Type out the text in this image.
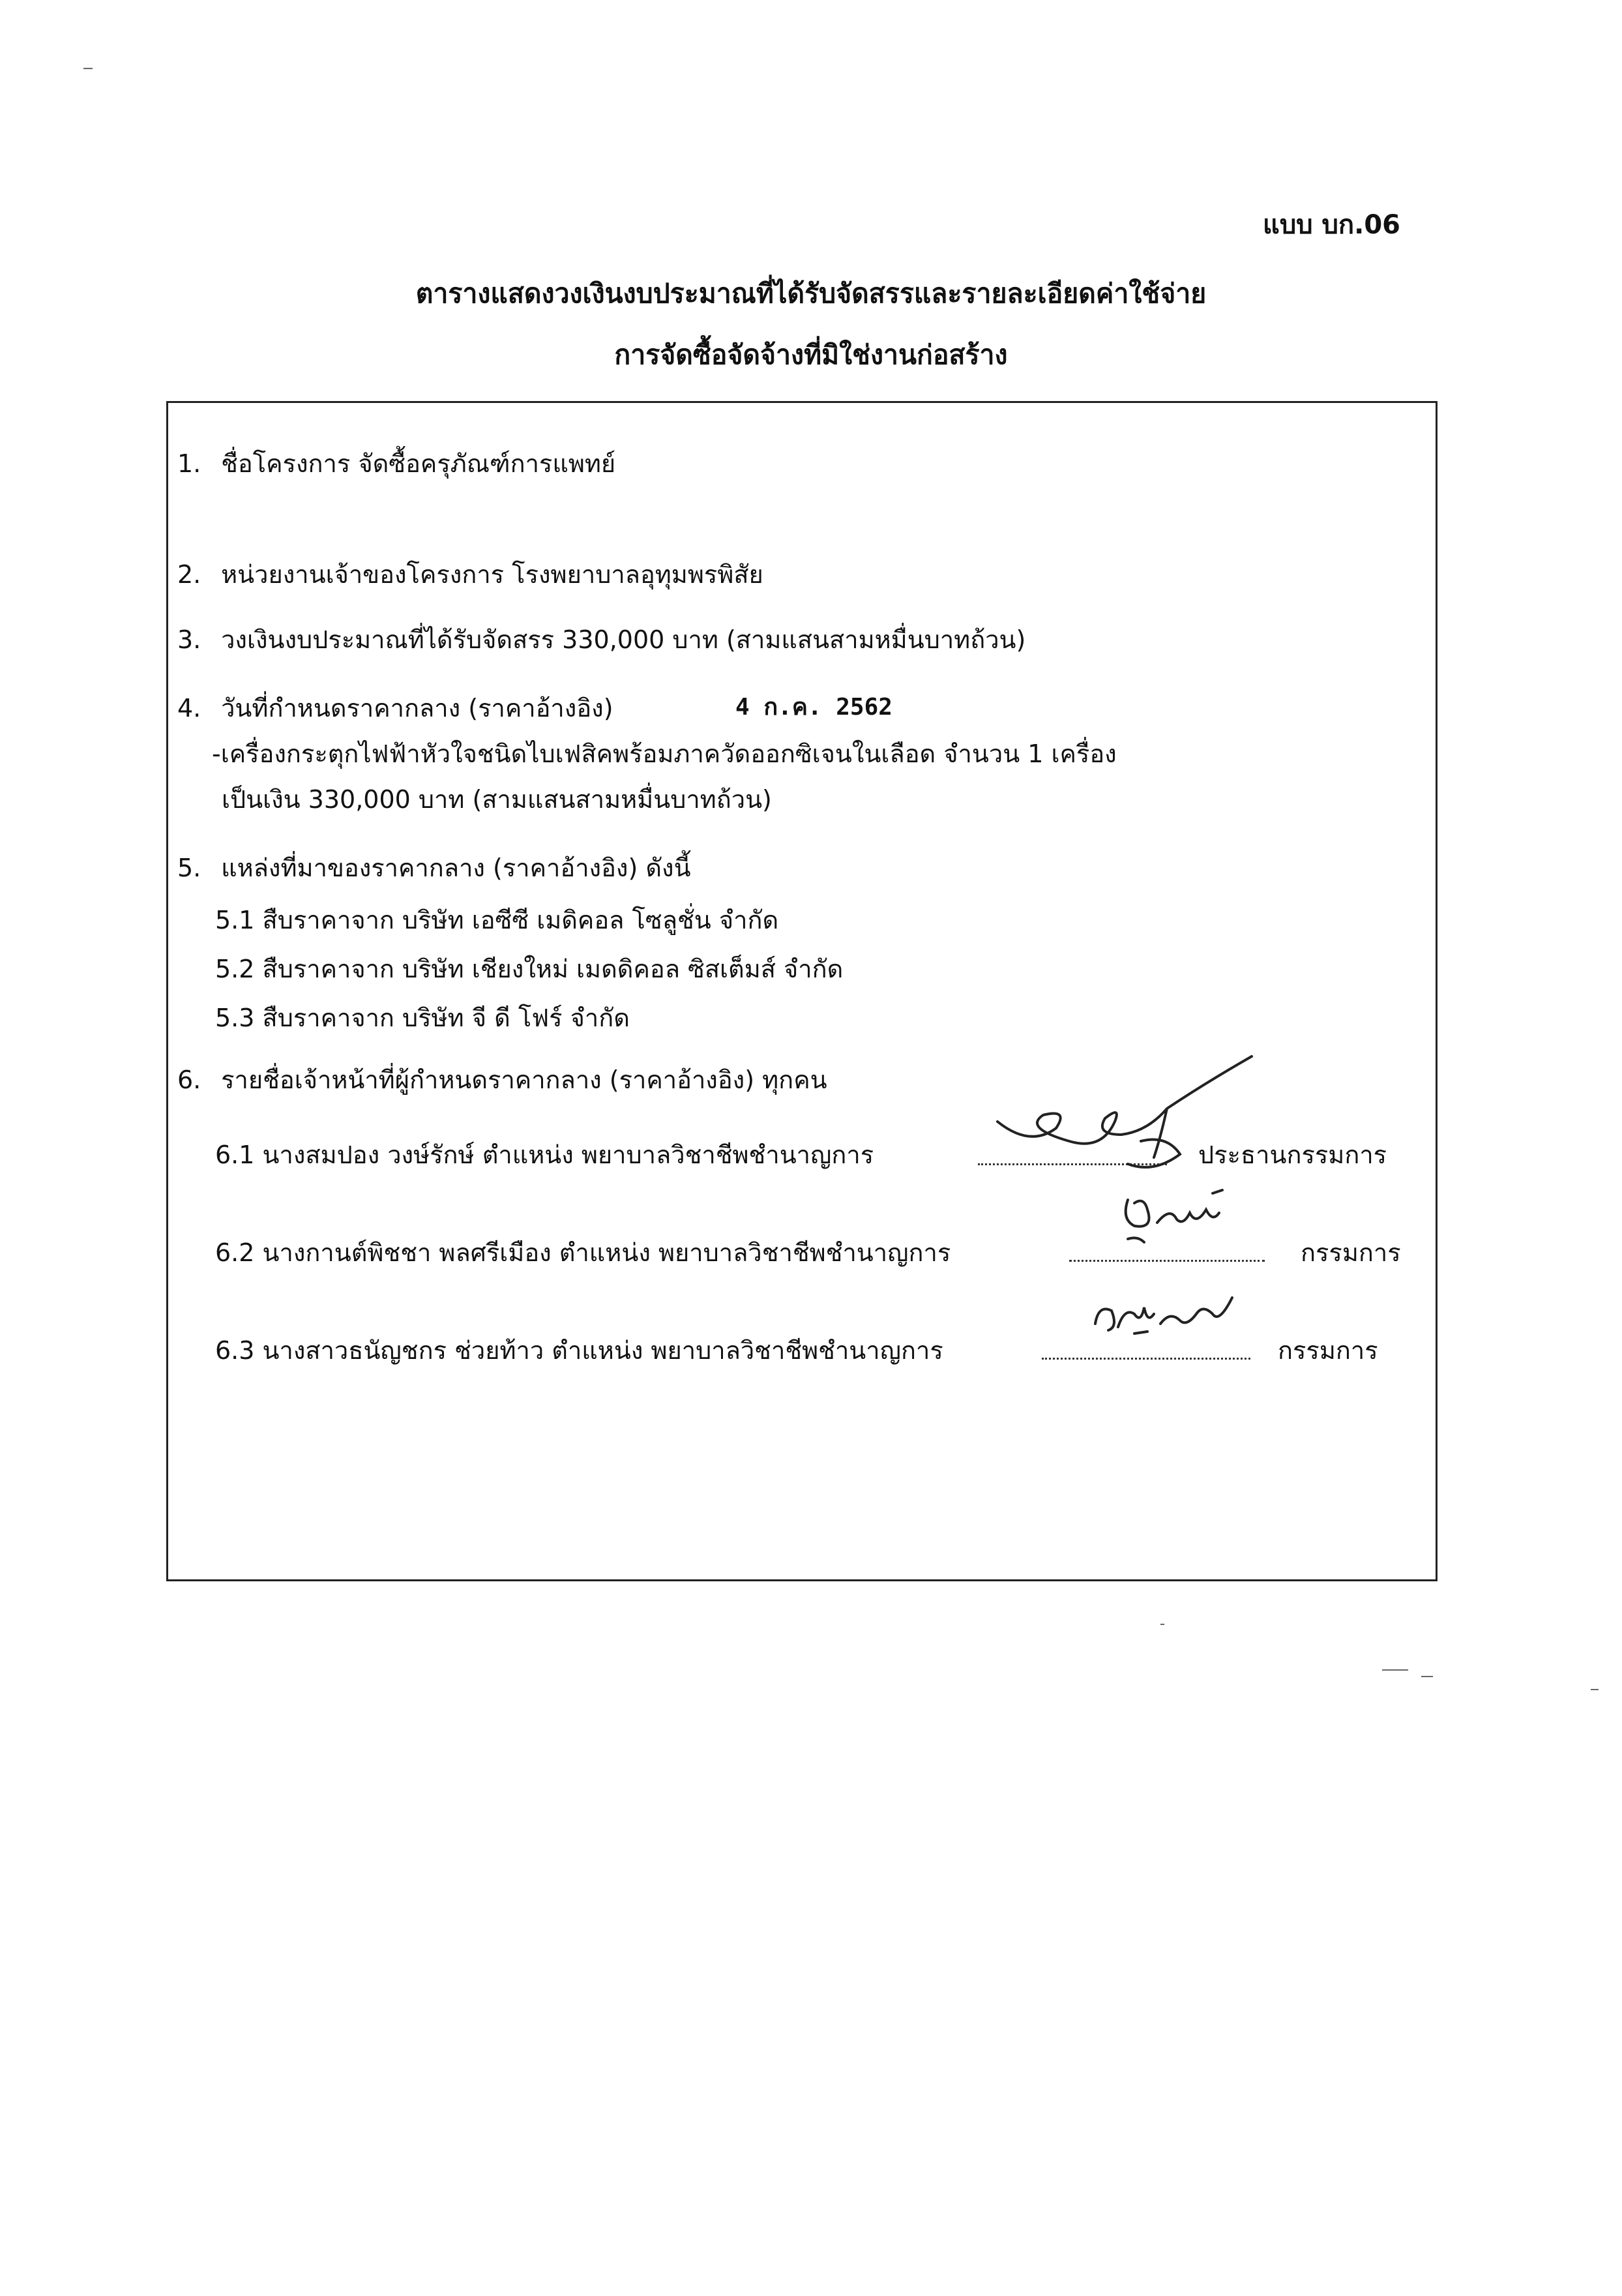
แบบ บก.06
ตารางแสดงวงเงินงบประมาณที่ได้รับจัดสรรและรายละเอียดค่าใช้จ่าย
การจัดซื้อจัดจ้างที่มิใช่งานก่อสร้าง
1. ชื่อโครงการ จัดซื้อครุภัณฑ์การแพทย์
2. หน่วยงานเจ้าของโครงการ โรงพยาบาลอุทุมพรพิสัย
3. วงเงินงบประมาณที่ได้รับจัดสรร 330,000 บาท (สามแสนสามหมื่นบาทถ้วน)
4. วันที่กำหนดราคากลาง (ราคาอ้างอิง)	4 ก.ค. 2562
-เครื่องกระตุกไฟฟ้าหัวใจชนิดไบเฟสิคพร้อมภาควัดออกซิเจนในเลือด จำนวน 1 เครื่อง
เป็นเงิน 330,000 บาท (สามแสนสามหมื่นบาทถ้วน)
5. แหล่งที่มาของราคากลาง (ราคาอ้างอิง) ดังนี้
5.1 สืบราคาจาก บริษัท เอซีซี เมดิคอล โซลูชั่น จำกัด
5.2 สืบราคาจาก บริษัท เชียงใหม่ เมดดิคอล ซิสเต็มส์ จำกัด
5.3 สืบราคาจาก บริษัท จี ดี โฟร์ จำกัด
6. รายชื่อเจ้าหน้าที่ผู้กำหนดราคากลาง (ราคาอ้างอิง) ทุกคน
6.1 นางสมปอง วงษ์รักษ์ ตำแหน่ง พยาบาลวิชาชีพชำนาญการ	ประธานกรรมการ
6.2 นางกานต์พิชชา พลศรีเมือง ตำแหน่ง พยาบาลวิชาชีพชำนาญการ	กรรมการ
6.3 นางสาวธนัญชกร ช่วยท้าว ตำแหน่ง พยาบาลวิชาชีพชำนาญการ	กรรมการ
